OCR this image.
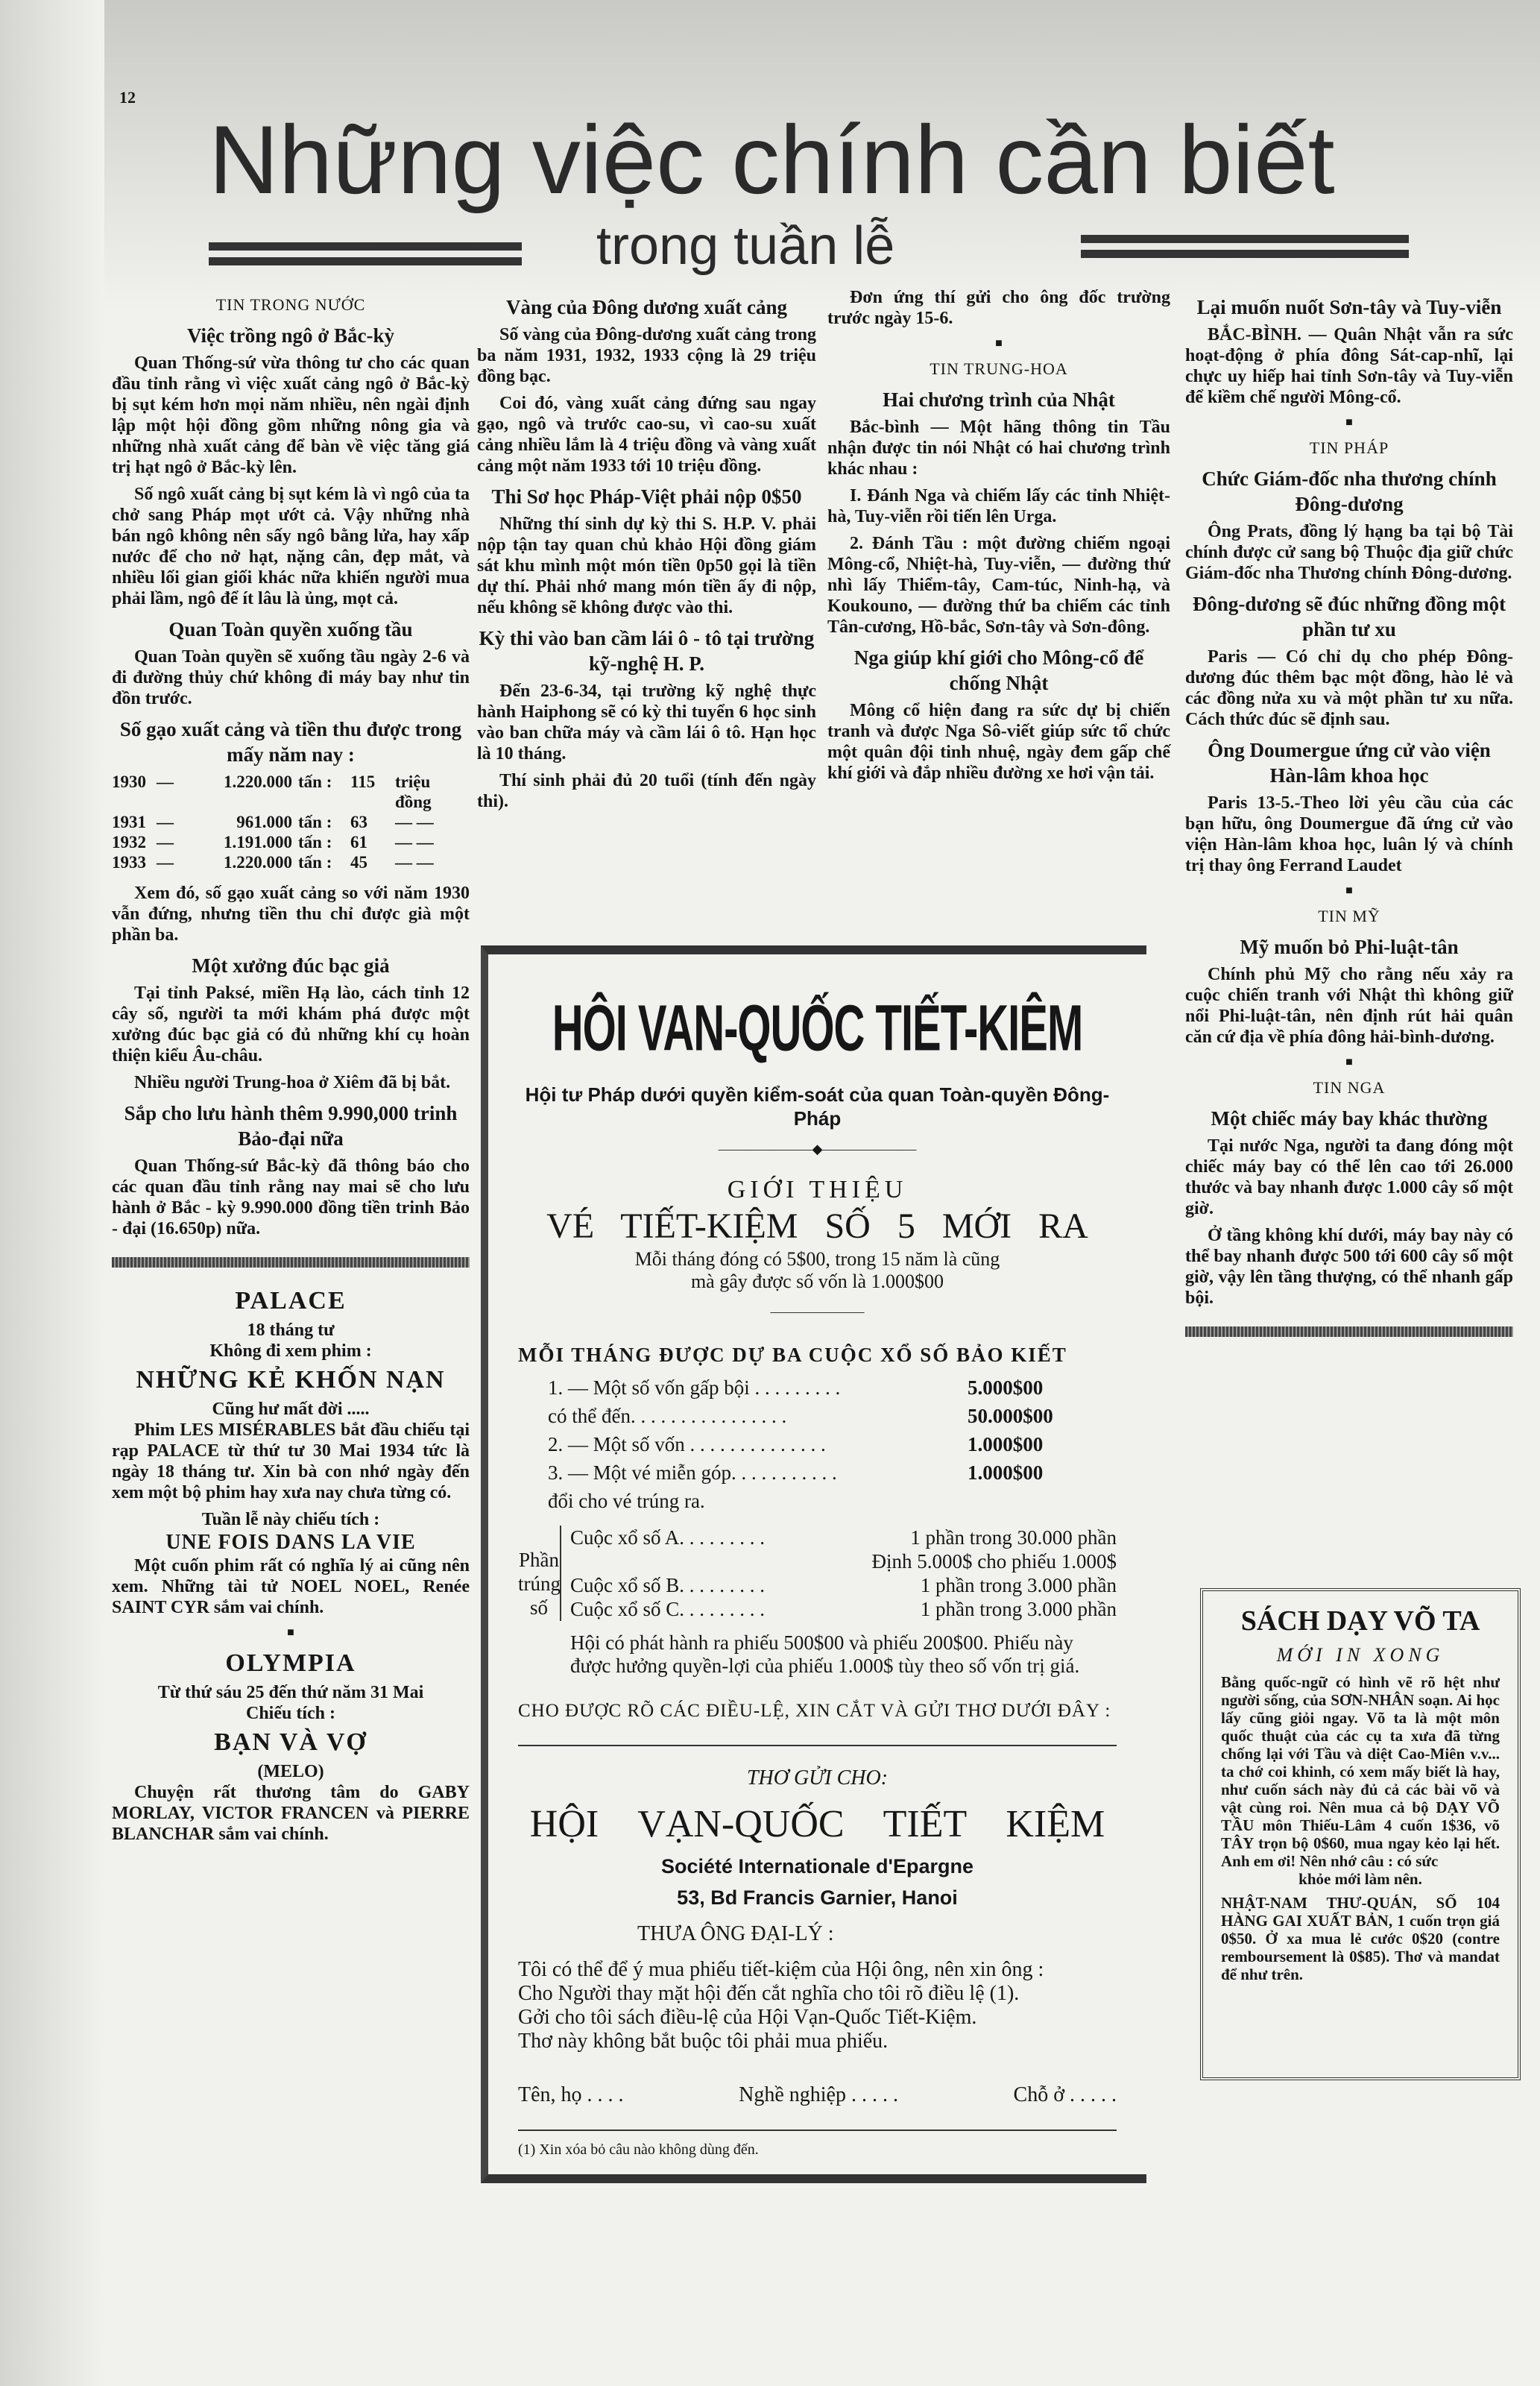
12
Những việc chính cần biết
trong tuần lễ
TIN TRONG NƯỚC
Việc trồng ngô ở Bắc-kỳ

Quan Thống-sứ vừa thông tư cho các quan đầu tỉnh rằng vì việc xuất cảng ngô ở Bắc-kỳ bị sụt kém hơn mọi năm nhiều, nên ngài định lập một hội đồng gồm những nông gia và những nhà xuất cảng để bàn về việc tăng giá trị hạt ngô ở Bắc-kỳ lên.

Số ngô xuất cảng bị sụt kém là vì ngô của ta chở sang Pháp mọt ướt cả. Vậy những nhà bán ngô không nên sấy ngô bằng lửa, hay xấp nước để cho nở hạt, nặng cân, đẹp mắt, và nhiều lối gian giối khác nữa khiến người mua phải lầm, ngô để ít lâu là ủng, mọt cả.

Quan Toàn quyền xuống tầu

Quan Toàn quyền sẽ xuống tầu ngày 2-6 và đi đường thủy chứ không đi máy bay như tin đồn trước.

Số gạo xuất cảng và tiền thu được trong mấy năm nay :
1930 —	1.220.000 tấn :	115	triệu đồng
1931 —	961.000 tấn :	63	— —
1932 —	1.191.000 tấn :	61	— —
1933 —	1.220.000 tấn :	45	— —

Xem đó, số gạo xuất cảng so với năm 1930 vẫn đứng, nhưng tiền thu chỉ được già một phần ba.

Một xưởng đúc bạc giả

Tại tỉnh Paksé, miền Hạ lào, cách tỉnh 12 cây số, người ta mới khám phá được một xưởng đúc bạc giả có đủ những khí cụ hoàn thiện kiểu Âu-châu.

Nhiều người Trung-hoa ở Xiêm đã bị bắt.

Sắp cho lưu hành thêm 9.990,000 trinh Bảo-đại nữa

Quan Thống-sứ Bắc-kỳ đã thông báo cho các quan đầu tỉnh rằng nay mai sẽ cho lưu hành ở Bắc - kỳ 9.990.000 đồng tiền trinh Bảo - đại (16.650p) nữa.

PALACE
18 tháng tư
Không đi xem phim :
NHỮNG KẺ KHỐN NẠN
Cũng hư mất đời .....

Phim LES MISÉRABLES bắt đầu chiếu tại rạp PALACE từ thứ tư 30 Mai 1934 tức là ngày 18 tháng tư. Xin bà con nhớ ngày đến xem một bộ phim hay xưa nay chưa từng có.

Tuần lễ này chiếu tích :
UNE FOIS DANS LA VIE

Một cuốn phim rất có nghĩa lý ai cũng nên xem. Những tài tử NOEL NOEL, Renée SAINT CYR sắm vai chính.

■
OLYMPIA
Từ thứ sáu 25 đến thứ năm 31 Mai
Chiếu tích :
BẠN VÀ VỢ
(MELO)

Chuyện rất thương tâm do GABY MORLAY, VICTOR FRANCEN và PIERRE BLANCHAR sắm vai chính.

Vàng của Đông dương xuất cảng

Số vàng của Đông-dương xuất cảng trong ba năm 1931, 1932, 1933 cộng là 29 triệu đồng bạc.

Coi đó, vàng xuất cảng đứng sau ngay gạo, ngô và trước cao-su, vì cao-su xuất cảng nhiều lắm là 4 triệu đồng và vàng xuất cảng một năm 1933 tới 10 triệu đồng.

Thi Sơ học Pháp-Việt phải nộp 0$50

Những thí sinh dự kỳ thi S. H.P. V. phải nộp tận tay quan chủ khảo Hội đồng giám sát khu mình một món tiền 0p50 gọi là tiền dự thí. Phải nhớ mang món tiền ấy đi nộp, nếu không sẽ không được vào thi.

Kỳ thi vào ban cầm lái ô - tô tại trường kỹ-nghệ H. P.

Đến 23-6-34, tại trường kỹ nghệ thực hành Haiphong sẽ có kỳ thi tuyển 6 học sinh vào ban chữa máy và cầm lái ô tô. Hạn học là 10 tháng.

Thí sinh phải đủ 20 tuổi (tính đến ngày thi).

Đơn ứng thí gửi cho ông đốc trường trước ngày 15-6.

■
TIN TRUNG-HOA
Hai chương trình của Nhật

Bắc-bình — Một hãng thông tin Tầu nhận được tin nói Nhật có hai chương trình khác nhau :

I. Đánh Nga và chiếm lấy các tỉnh Nhiệt-hà, Tuy-viễn rồi tiến lên Urga.

2. Đánh Tầu : một đường chiếm ngoại Mông-cổ, Nhiệt-hà, Tuy-viễn, — đường thứ nhì lấy Thiểm-tây, Cam-túc, Ninh-hạ, và Koukouno, — đường thứ ba chiếm các tỉnh Tân-cương, Hồ-bắc, Sơn-tây và Sơn-đông.

Nga giúp khí giới cho Mông-cổ để chống Nhật

Mông cổ hiện đang ra sức dự bị chiến tranh và được Nga Sô-viết giúp sức tổ chức một quân đội tinh nhuệ, ngày đem gấp chế khí giới và đắp nhiều đường xe hơi vận tải.

Lại muốn nuốt Sơn-tây và Tuy-viễn

BẮC-BÌNH. — Quân Nhật vẫn ra sức hoạt-động ở phía đông Sát-cap-nhĩ, lại chực uy hiếp hai tỉnh Sơn-tây và Tuy-viễn để kiềm chế người Mông-cổ.

■
TIN PHÁP
Chức Giám-đốc nha thương chính Đông-dương

Ông Prats, đồng lý hạng ba tại bộ Tài chính được cử sang bộ Thuộc địa giữ chức Giám-đốc nha Thương chính Đông-dương.

Đông-dương sẽ đúc những đồng một phần tư xu

Paris — Có chỉ dụ cho phép Đông-dương đúc thêm bạc một đồng, hào lẻ và các đồng nửa xu và một phần tư xu nữa. Cách thức đúc sẽ định sau.

Ông Doumergue ứng cử vào viện Hàn-lâm khoa học

Paris 13-5.-Theo lời yêu cầu của các bạn hữu, ông Doumergue đã ứng cử vào viện Hàn-lâm khoa học, luân lý và chính trị thay ông Ferrand Laudet

■
TIN MỸ
Mỹ muốn bỏ Phi-luật-tân

Chính phủ Mỹ cho rằng nếu xảy ra cuộc chiến tranh với Nhật thì không giữ nổi Phi-luật-tân, nên định rút hải quân căn cứ địa về phía đông hải-bình-dương.

■
TIN NGA
Một chiếc máy bay khác thường

Tại nước Nga, người ta đang đóng một chiếc máy bay có thể lên cao tới 26.000 thước và bay nhanh được 1.000 cây số một giờ.

Ở tầng không khí dưới, máy bay này có thể bay nhanh được 500 tới 600 cây số một giờ, vậy lên tầng thượng, có thể nhanh gấp bội.

HÔI VAN-QUỐC TIẾT-KIÊM
Hội tư Pháp dưới quyền kiểm-soát của quan Toàn-quyền Đông-Pháp
―――――――◆―――――――
GIỚI THIỆU
VÉ TIẾT-KIỆM SỐ 5 MỚI RA
Mỗi tháng đóng có 5$00, trong 15 năm là cũng
mà gây được số vốn là 1.000$00
―――――――
MỖI THÁNG ĐƯỢC DỰ BA CUỘC XỔ SỐ BẢO KIẾT
1. — Một số vốn gấp bội . . . . . . . . .	5.000$00
có thể đến. . . . . . . . . . . . . . . .	50.000$00
2. — Một số vốn . . . . . . . . . . . . . .	1.000$00
3. — Một vé miễn góp. . . . . . . . . . .	1.000$00
đổi cho vé trúng ra.
Phần trúng số
Cuộc xổ số A. . . . . . . . .	1 phần trong 30.000 phần
Định 5.000$ cho phiếu 1.000$
Cuộc xổ số B. . . . . . . . .	1 phần trong 3.000 phần
Cuộc xổ số C. . . . . . . . .	1 phần trong 3.000 phần
Hội có phát hành ra phiếu 500$00 và phiếu 200$00. Phiếu này được hưởng quyền-lợi của phiếu 1.000$ tùy theo số vốn trị giá.
CHO ĐƯỢC RÕ CÁC ĐIỀU-LỆ, XIN CẮT VÀ GỬI THƠ DƯỚI ĐÂY :
THƠ GỬI CHO:
HỘI VẠN-QUỐC TIẾT KIỆM
Société Internationale d'Epargne
53, Bd Francis Garnier, Hanoi
THƯA ÔNG ĐẠI-LÝ :
Tôi có thể để ý mua phiếu tiết-kiệm của Hội ông, nên xin ông :
Cho Người thay mặt hội đến cắt nghĩa cho tôi rõ điều lệ (1).
Gởi cho tôi sách điều-lệ của Hội Vạn-Quốc Tiết-Kiệm.
Thơ này không bắt buộc tôi phải mua phiếu.
Tên, họ . . . .	Nghề nghiệp . . . . .	Chỗ ở . . . . .
(1) Xin xóa bỏ câu nào không dùng đến.
SÁCH DẠY VÕ TA
MỚI IN XONG

Bằng quốc-ngữ có hình vẽ rõ hệt như người sống, của SƠN-NHÂN soạn. Ai học lấy cũng giỏi ngay. Võ ta là một môn quốc thuật của các cụ ta xưa đã từng chống lại với Tầu và diệt Cao-Miên v.v... ta chớ coi khinh, có xem mấy biết là hay, như cuốn sách này đủ cả các bài võ và vật cùng roi. Nên mua cả bộ DẠY VÕ TẦU môn Thiếu-Lâm 4 cuốn 1$36, võ TÂY trọn bộ 0$60, mua ngay kẻo lại hết. Anh em ơi! Nên nhớ câu : có sức

khỏe mới làm nên.

NHẬT-NAM THƯ-QUÁN, SỐ 104 HÀNG GAI XUẤT BẢN, 1 cuốn trọn giá 0$50. Ở xa mua lẻ cước 0$20 (contre remboursement là 0$85). Thơ và mandat để như trên.
